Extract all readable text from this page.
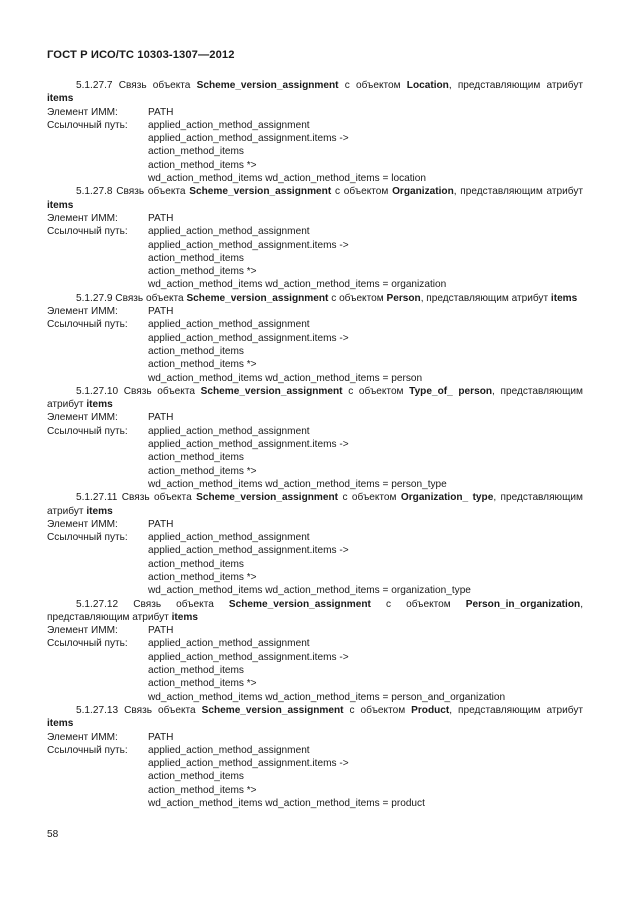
ГОСТ Р ИСО/ТС 10303-1307—2012
5.1.27.7 Связь объекта Scheme_version_assignment с объектом Location, представляющим атрибут items
Элемент ИММ:	PATH
Ссылочный путь:	applied_action_method_assignment
applied_action_method_assignment.items ->
action_method_items
action_method_items *>
wd_action_method_items wd_action_method_items = location
5.1.27.8 Связь объекта Scheme_version_assignment с объектом Organization, представляющим атрибут items
Элемент ИММ:	PATH
Ссылочный путь:	applied_action_method_assignment
applied_action_method_assignment.items ->
action_method_items
action_method_items *>
wd_action_method_items wd_action_method_items = organization
5.1.27.9 Связь объекта Scheme_version_assignment с объектом Person, представляющим атрибут items
Элемент ИММ:	PATH
Ссылочный путь:	applied_action_method_assignment
applied_action_method_assignment.items ->
action_method_items
action_method_items *>
wd_action_method_items wd_action_method_items = person
5.1.27.10 Связь объекта Scheme_version_assignment с объектом Type_of_ person, представляющим атрибут items
Элемент ИММ:	PATH
Ссылочный путь:	applied_action_method_assignment
applied_action_method_assignment.items ->
action_method_items
action_method_items *>
wd_action_method_items wd_action_method_items = person_type
5.1.27.11 Связь объекта Scheme_version_assignment с объектом Organization_ type, представляющим атрибут items
Элемент ИММ:	PATH
Ссылочный путь:	applied_action_method_assignment
applied_action_method_assignment.items ->
action_method_items
action_method_items *>
wd_action_method_items wd_action_method_items = organization_type
5.1.27.12 Связь объекта Scheme_version_assignment с объектом Person_in_organization, представляющим атрибут items
Элемент ИММ:	PATH
Ссылочный путь:	applied_action_method_assignment
applied_action_method_assignment.items ->
action_method_items
action_method_items *>
wd_action_method_items wd_action_method_items = person_and_organization
5.1.27.13 Связь объекта Scheme_version_assignment с объектом Product, представляющим атрибут items
Элемент ИММ:	PATH
Ссылочный путь:	applied_action_method_assignment
applied_action_method_assignment.items ->
action_method_items
action_method_items *>
wd_action_method_items wd_action_method_items = product
58
